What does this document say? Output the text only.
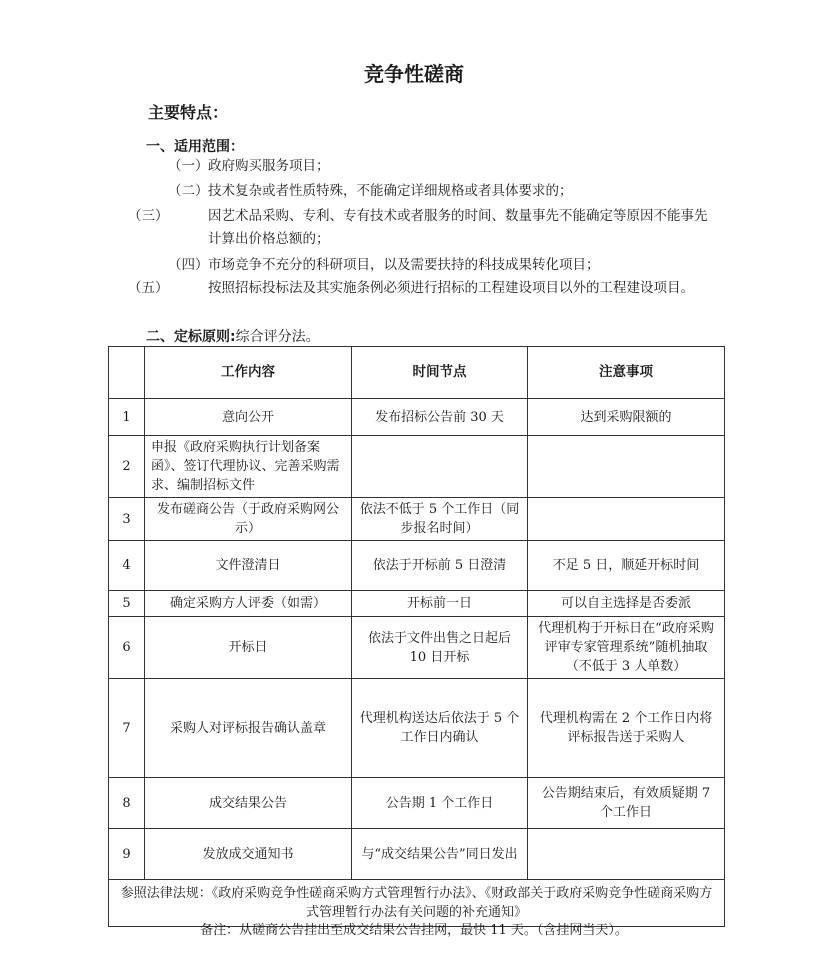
竞争性磋商
主要特点：
一、适用范围：
（一）政府购买服务项目；
（二）技术复杂或者性质特殊，不能确定详细规格或者具体要求的；
（三）	因艺术品采购、专利、专有技术或者服务的时间、数量事先不能确定等原因不能事先计算出价格总额的；
（四）市场竞争不充分的科研项目，以及需要扶持的科技成果转化项目；
（五）	按照招标投标法及其实施条例必须进行招标的工程建设项目以外的工程建设项目。
二、定标原则:综合评分法。
	工作内容	时间节点	注意事项
1	意向公开	发布招标公告前 30 天	达到采购限额的
2	申报《政府采购执行计划备案函》、签订代理协议、完善采购需求、编制招标文件		
3	发布磋商公告（于政府采购网公示）	依法不低于 5 个工作日（同步报名时间）	
4	文件澄清日	依法于开标前 5 日澄清	不足 5 日，顺延开标时间
5	确定采购方人评委（如需）	开标前一日	可以自主选择是否委派
6	开标日	依法于文件出售之日起后 10 日开标	代理机构于开标日在“政府采购评审专家管理系统”随机抽取（不低于 3 人单数）
7	采购人对评标报告确认盖章	代理机构送达后依法于 5 个工作日内确认	代理机构需在 2 个工作日内将评标报告送于采购人
8	成交结果公告	公告期 1 个工作日	公告期结束后，有效质疑期 7 个工作日
9	发放成交通知书	与“成交结果公告”同日发出	
参照法律法规：《政府采购竞争性磋商采购方式管理暂行办法》、《财政部关于政府采购竞争性磋商采购方式管理暂行办法有关问题的补充通知》			
备注：从磋商公告挂出至成交结果公告挂网，最快 11 天。（含挂网当天）。
